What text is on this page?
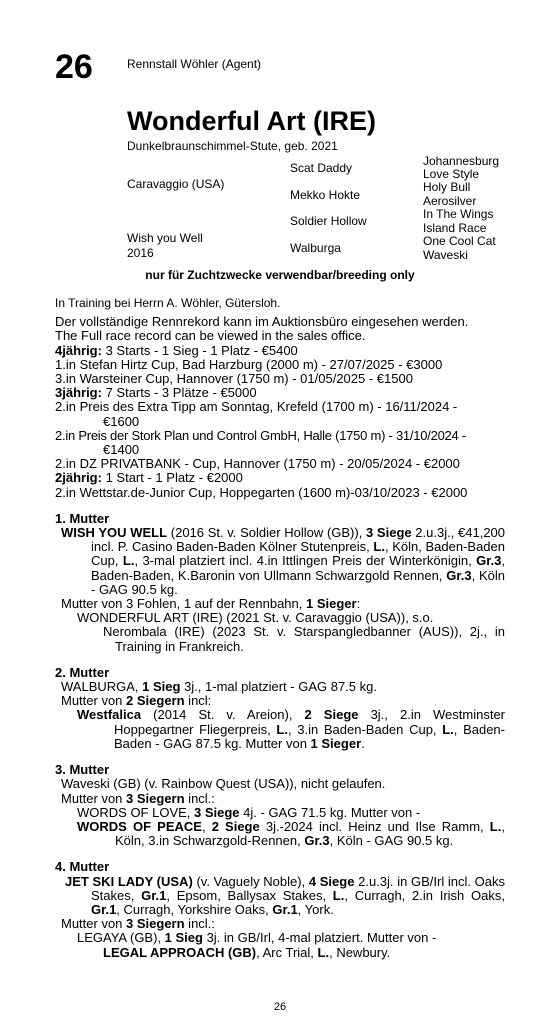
26	Rennstall Wöhler (Agent)
Wonderful Art (IRE)
Dunkelbraunschimmel-Stute, geb. 2021
Caravaggio (USA)
Wish you Well
2016
Scat Daddy
Mekko Hokte
Soldier Hollow
Walburga
Johannesburg
Love Style
Holy Bull
Aerosilver
In The Wings
Island Race
One Cool Cat
Waveski
nur für Zuchtzwecke verwendbar/breeding only

In Training bei Herrn A. Wöhler, Gütersloh.

Der vollständige Rennrekord kann im Auktionsbüro eingesehen werden.

The Full race record can be viewed in the sales office.

4jährig: 3 Starts - 1 Sieg - 1 Platz - €5400

1.in Stefan Hirtz Cup, Bad Harzburg (2000 m) - 27/07/2025 - €3000

3.in Warsteiner Cup, Hannover (1750 m) - 01/05/2025 - €1500

3jährig: 7 Starts - 3 Plätze - €5000

2.in Preis des Extra Tipp am Sonntag, Krefeld (1700 m) - 16/11/2024 -

€1600

2.in Preis der Stork Plan und Control GmbH, Halle (1750 m) - 31/10/2024 -

€1400

2.in DZ PRIVATBANK - Cup, Hannover (1750 m) - 20/05/2024 - €2000

2jährig: 1 Start - 1 Platz - €2000

2.in Wettstar.de-Junior Cup, Hoppegarten (1600 m)-03/10/2023 - €2000

1. Mutter

WISH YOU WELL (2016 St. v. Soldier Hollow (GB)), 3 Siege 2.u.3j., €41,200 incl. P. Casino Baden-Baden Kölner Stutenpreis, L., Köln, Baden-Baden Cup, L., 3-mal platziert incl. 4.in Ittlingen Preis der Winterkönigin, Gr.3, Baden-Baden, K.Baronin von Ullmann Schwarzgold Rennen, Gr.3, Köln - GAG 90.5 kg.

Mutter von 3 Fohlen, 1 auf der Rennbahn, 1 Sieger:

WONDERFUL ART (IRE) (2021 St. v. Caravaggio (USA)), s.o.

Nerombala (IRE) (2023 St. v. Starspangledbanner (AUS)), 2j., in Training in Frankreich.

2. Mutter

WALBURGA, 1 Sieg 3j., 1-mal platziert - GAG 87.5 kg.

Mutter von 2 Siegern incl:

Westfalica (2014 St. v. Areion), 2 Siege 3j., 2.in Westminster Hoppegartner Fliegerpreis, L., 3.in Baden-Baden Cup, L., Baden-Baden - GAG 87.5 kg. Mutter von 1 Sieger.

3. Mutter

Waveski (GB) (v. Rainbow Quest (USA)), nicht gelaufen.

Mutter von 3 Siegern incl.:

WORDS OF LOVE, 3 Siege 4j. - GAG 71.5 kg. Mutter von -

WORDS OF PEACE, 2 Siege 3j.-2024 incl. Heinz und Ilse Ramm, L., Köln, 3.in Schwarzgold-Rennen, Gr.3, Köln - GAG 90.5 kg.

4. Mutter

JET SKI LADY (USA) (v. Vaguely Noble), 4 Siege 2.u.3j. in GB/Irl incl. Oaks Stakes, Gr.1, Epsom, Ballysax Stakes, L., Curragh, 2.in Irish Oaks, Gr.1, Curragh, Yorkshire Oaks, Gr.1, York.

Mutter von 3 Siegern incl.:

LEGAYA (GB), 1 Sieg 3j. in GB/Irl, 4-mal platziert. Mutter von -

LEGAL APPROACH (GB), Arc Trial, L., Newbury.

26
